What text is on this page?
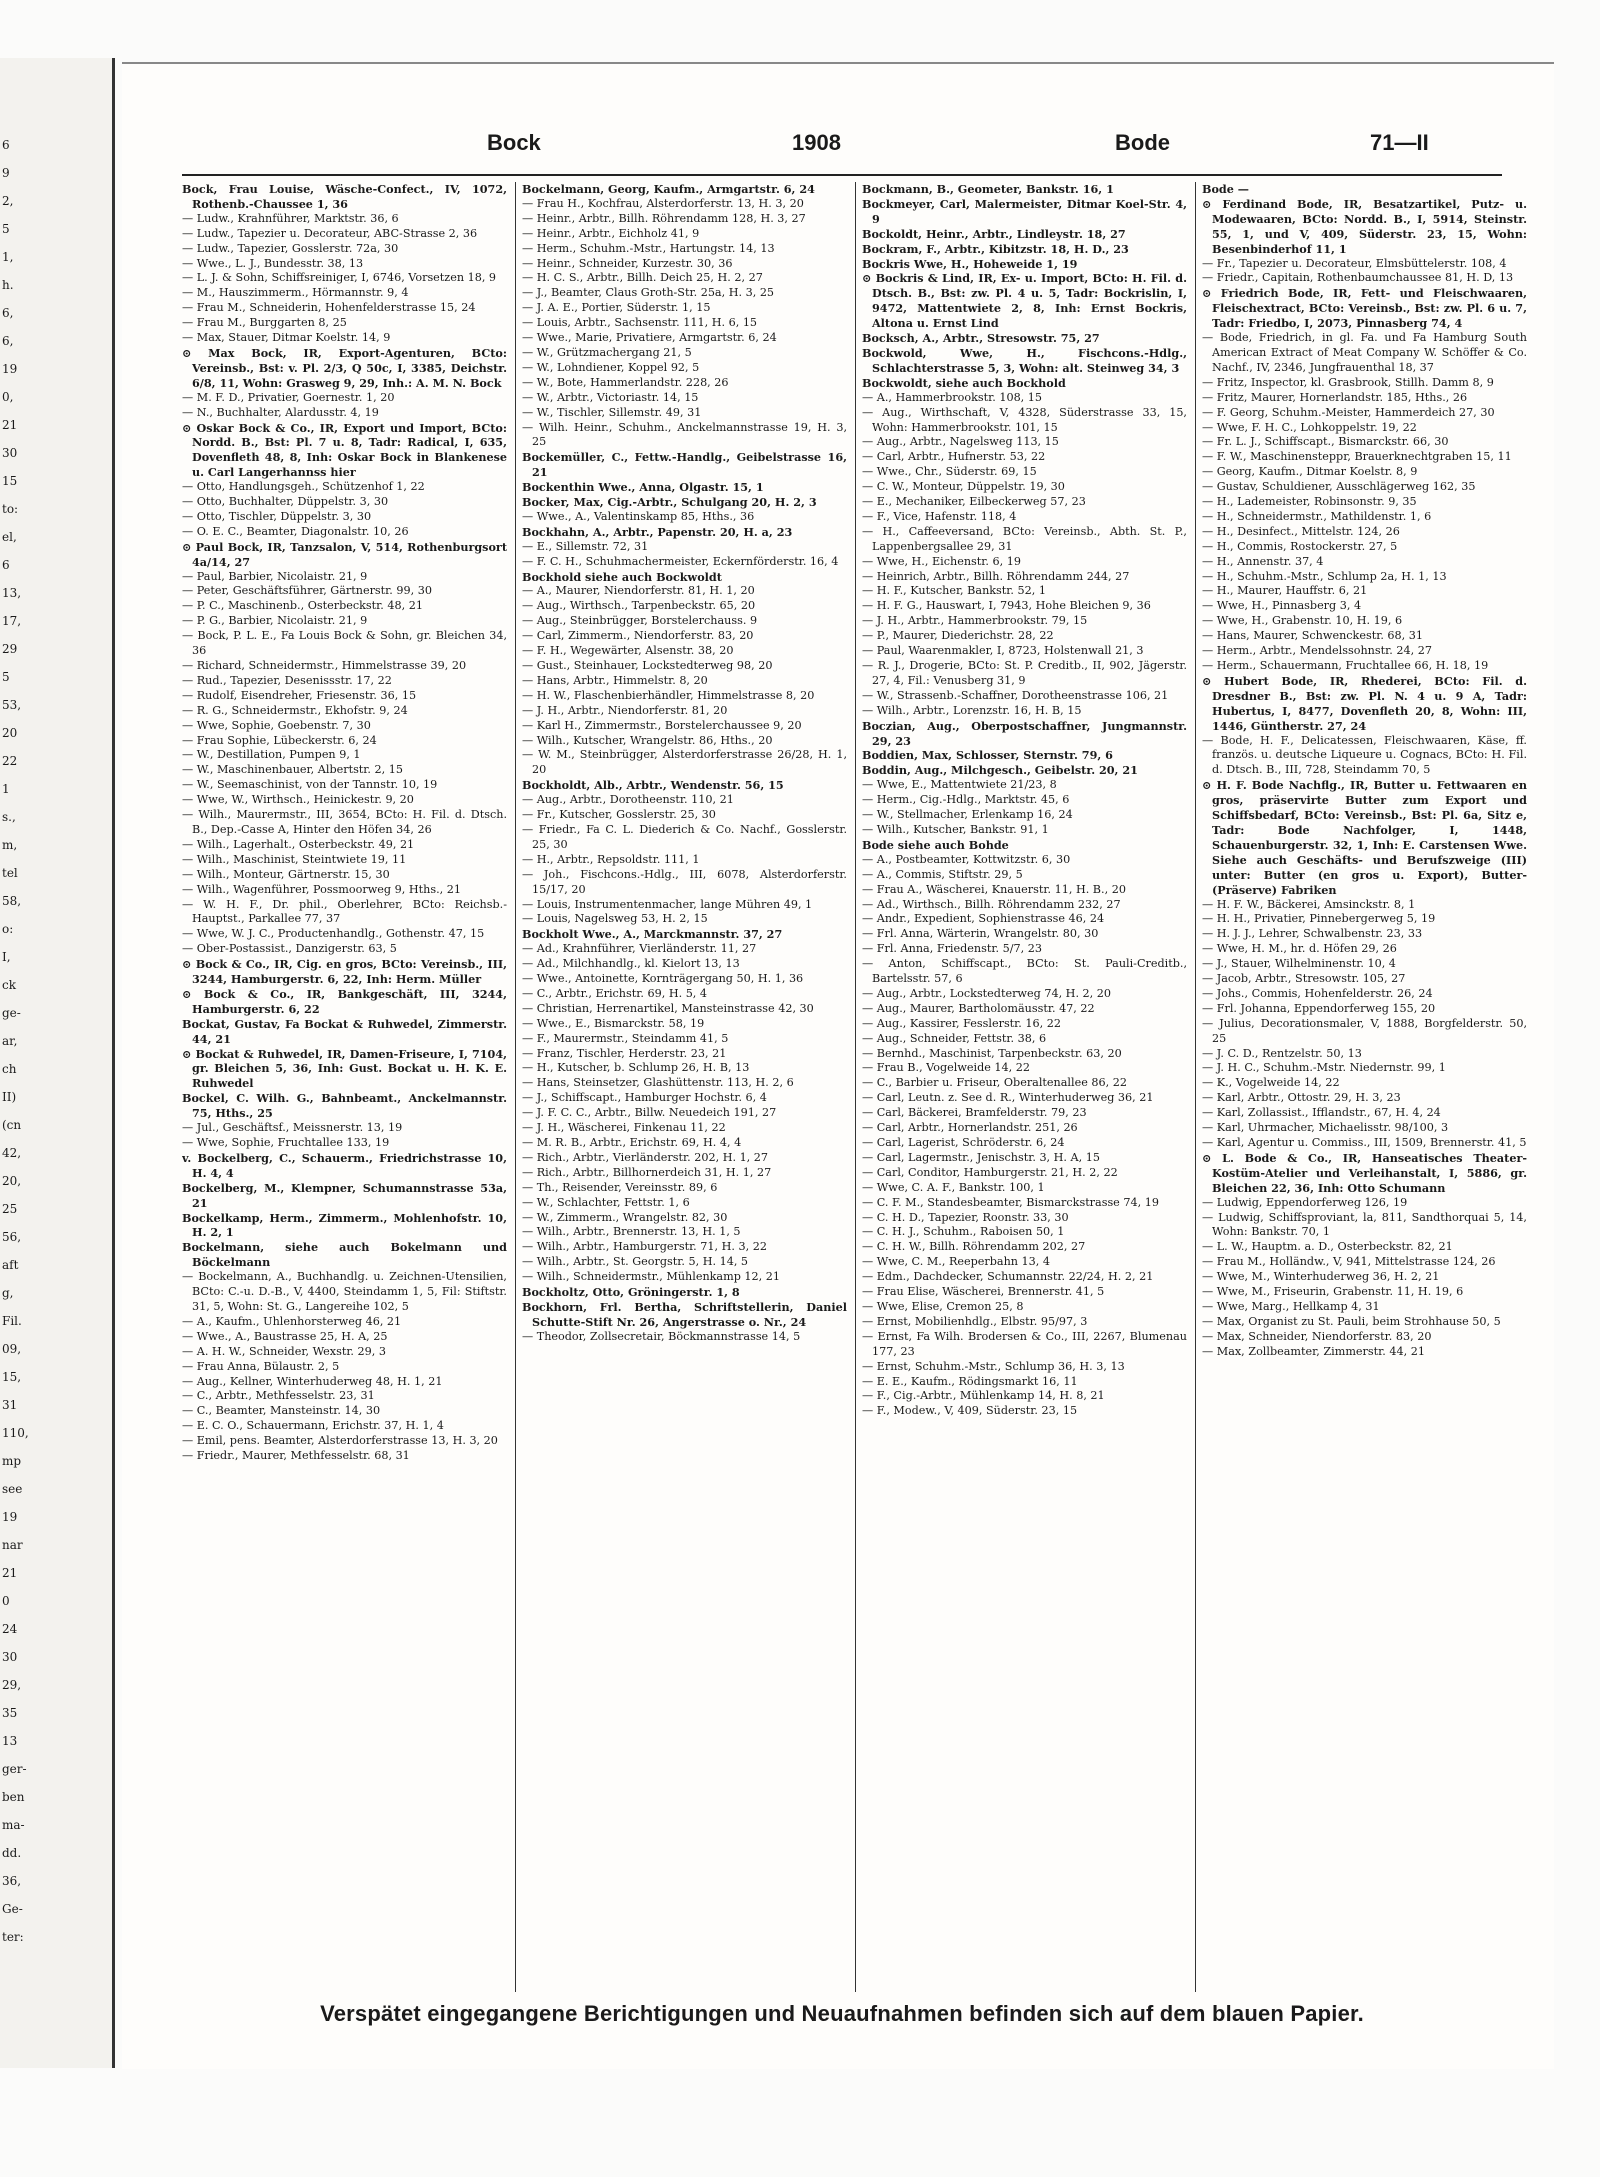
6
9
2,
5
1,
h.
6,
6,
19
0,
21
30
15
to:
el,
6
13,
17,
29
5
53,
20
22
1
s.,
m,
tel
58,
o:
I,
ck
ge-
ar,
ch
II)
(cn
42,
20,
25
56,
aft
g,
Fil.
09,
15,
31
110,
mp
see
19
nar
21
0
24
30
29,
35
13
ger-
ben
ma-
dd.
36,
Ge-
ter:
Bock	1908	Bode	71—II

Bock, Frau Louise, Wäsche-Confect., IV, 1072, Rothenb.-Chaussee 1, 36

— Ludw., Krahnführer, Marktstr. 36, 6

— Ludw., Tapezier u. Decorateur, ABC-Strasse 2, 36

— Ludw., Tapezier, Gosslerstr. 72a, 30

— Wwe., L. J., Bundesstr. 38, 13

— L. J. & Sohn, Schiffsreiniger, I, 6746, Vorsetzen 18, 9

— M., Hauszimmerm., Hörmannstr. 9, 4

— Frau M., Schneiderin, Hohenfelderstrasse 15, 24

— Frau M., Burggarten 8, 25

— Max, Stauer, Ditmar Koelstr. 14, 9

⊙ Max Bock, IR, Export-Agenturen, BCto: Vereinsb., Bst: v. Pl. 2/3, Q 50c, I, 3385, Deichstr. 6/8, 11, Wohn: Grasweg 9, 29, Inh.: A. M. N. Bock

— M. F. D., Privatier, Goernestr. 1, 20

— N., Buchhalter, Alardusstr. 4, 19

⊙ Oskar Bock & Co., IR, Export und Import, BCto: Nordd. B., Bst: Pl. 7 u. 8, Tadr: Radical, I, 635, Dovenfleth 48, 8, Inh: Oskar Bock in Blankenese u. Carl Langerhannss hier

— Otto, Handlungsgeh., Schützenhof 1, 22

— Otto, Buchhalter, Düppelstr. 3, 30

— Otto, Tischler, Düppelstr. 3, 30

— O. E. C., Beamter, Diagonalstr. 10, 26

⊙ Paul Bock, IR, Tanzsalon, V, 514, Rothenburgsort 4a/14, 27

— Paul, Barbier, Nicolaistr. 21, 9

— Peter, Geschäftsführer, Gärtnerstr. 99, 30

— P. C., Maschinenb., Osterbeckstr. 48, 21

— P. G., Barbier, Nicolaistr. 21, 9

— Bock, P. L. E., Fa Louis Bock & Sohn, gr. Bleichen 34, 36

— Richard, Schneidermstr., Himmelstrasse 39, 20

— Rud., Tapezier, Desenissstr. 17, 22

— Rudolf, Eisendreher, Friesenstr. 36, 15

— R. G., Schneidermstr., Ekhofstr. 9, 24

— Wwe, Sophie, Goebenstr. 7, 30

— Frau Sophie, Lübeckerstr. 6, 24

— W., Destillation, Pumpen 9, 1

— W., Maschinenbauer, Albertstr. 2, 15

— W., Seemaschinist, von der Tannstr. 10, 19

— Wwe, W., Wirthsch., Heinickestr. 9, 20

— Wilh., Maurermstr., III, 3654, BCto: H. Fil. d. Dtsch. B., Dep.-Casse A, Hinter den Höfen 34, 26

— Wilh., Lagerhalt., Osterbeckstr. 49, 21

— Wilh., Maschinist, Steintwiete 19, 11

— Wilh., Monteur, Gärtnerstr. 15, 30

— Wilh., Wagenführer, Possmoorweg 9, Hths., 21

— W. H. F., Dr. phil., Oberlehrer, BCto: Reichsb.-Hauptst., Parkallee 77, 37

— Wwe, W. J. C., Productenhandlg., Gothenstr. 47, 15

— Ober-Postassist., Danzigerstr. 63, 5

⊙ Bock & Co., IR, Cig. en gros, BCto: Vereinsb., III, 3244, Hamburgerstr. 6, 22, Inh: Herm. Müller

⊙ Bock & Co., IR, Bankgeschäft, III, 3244, Hamburgerstr. 6, 22

Bockat, Gustav, Fa Bockat & Ruhwedel, Zimmerstr. 44, 21

⊙ Bockat & Ruhwedel, IR, Damen-Friseure, I, 7104, gr. Bleichen 5, 36, Inh: Gust. Bockat u. H. K. E. Ruhwedel

Bockel, C. Wilh. G., Bahnbeamt., Anckelmannstr. 75, Hths., 25

— Jul., Geschäftsf., Meissnerstr. 13, 19

— Wwe, Sophie, Fruchtallee 133, 19

v. Bockelberg, C., Schauerm., Friedrichstrasse 10, H. 4, 4

Bockelberg, M., Klempner, Schumannstrasse 53a, 21

Bockelkamp, Herm., Zimmerm., Mohlenhofstr. 10, H. 2, 1

Bockelmann, siehe auch Bokelmann und Böckelmann

— Bockelmann, A., Buchhandlg. u. Zeichnen-Utensilien, BCto: C.-u. D.-B., V, 4400, Steindamm 1, 5, Fil: Stiftstr. 31, 5, Wohn: St. G., Langereihe 102, 5

— A., Kaufm., Uhlenhorsterweg 46, 21

— Wwe., A., Baustrasse 25, H. A, 25

— A. H. W., Schneider, Wexstr. 29, 3

— Frau Anna, Bülaustr. 2, 5

— Aug., Kellner, Winterhuderweg 48, H. 1, 21

— C., Arbtr., Methfesselstr. 23, 31

— C., Beamter, Mansteinstr. 14, 30

— E. C. O., Schauermann, Erichstr. 37, H. 1, 4

— Emil, pens. Beamter, Alsterdorferstrasse 13, H. 3, 20

— Friedr., Maurer, Methfesselstr. 68, 31

Bockelmann, Georg, Kaufm., Armgartstr. 6, 24

— Frau H., Kochfrau, Alsterdorferstr. 13, H. 3, 20

— Heinr., Arbtr., Billh. Röhrendamm 128, H. 3, 27

— Heinr., Arbtr., Eichholz 41, 9

— Herm., Schuhm.-Mstr., Hartungstr. 14, 13

— Heinr., Schneider, Kurzestr. 30, 36

— H. C. S., Arbtr., Billh. Deich 25, H. 2, 27

— J., Beamter, Claus Groth-Str. 25a, H. 3, 25

— J. A. E., Portier, Süderstr. 1, 15

— Louis, Arbtr., Sachsenstr. 111, H. 6, 15

— Wwe., Marie, Privatiere, Armgartstr. 6, 24

— W., Grützmachergang 21, 5

— W., Lohndiener, Koppel 92, 5

— W., Bote, Hammerlandstr. 228, 26

— W., Arbtr., Victoriastr. 14, 15

— W., Tischler, Sillemstr. 49, 31

— Wilh. Heinr., Schuhm., Anckelmannstrasse 19, H. 3, 25

Bockemüller, C., Fettw.-Handlg., Geibelstrasse 16, 21

Bockenthin Wwe., Anna, Olgastr. 15, 1

Bocker, Max, Cig.-Arbtr., Schulgang 20, H. 2, 3

— Wwe., A., Valentinskamp 85, Hths., 36

Bockhahn, A., Arbtr., Papenstr. 20, H. a, 23

— E., Sillemstr. 72, 31

— F. C. H., Schuhmachermeister, Eckernförderstr. 16, 4

Bockhold siehe auch Bockwoldt

— A., Maurer, Niendorferstr. 81, H. 1, 20

— Aug., Wirthsch., Tarpenbeckstr. 65, 20

— Aug., Steinbrügger, Borstelerchauss. 9

— Carl, Zimmerm., Niendorferstr. 83, 20

— F. H., Wegewärter, Alsenstr. 38, 20

— Gust., Steinhauer, Lockstedterweg 98, 20

— Hans, Arbtr., Himmelstr. 8, 20

— H. W., Flaschenbierhändler, Himmelstrasse 8, 20

— J. H., Arbtr., Niendorferstr. 81, 20

— Karl H., Zimmermstr., Borstelerchaussee 9, 20

— Wilh., Kutscher, Wrangelstr. 86, Hths., 20

— W. M., Steinbrügger, Alsterdorferstrasse 26/28, H. 1, 20

Bockholdt, Alb., Arbtr., Wendenstr. 56, 15

— Aug., Arbtr., Dorotheenstr. 110, 21

— Fr., Kutscher, Gosslerstr. 25, 30

— Friedr., Fa C. L. Diederich & Co. Nachf., Gosslerstr. 25, 30

— H., Arbtr., Repsoldstr. 111, 1

— Joh., Fischcons.-Hdlg., III, 6078, Alsterdorferstr. 15/17, 20

— Louis, Instrumentenmacher, lange Mühren 49, 1

— Louis, Nagelsweg 53, H. 2, 15

Bockholt Wwe., A., Marckmannstr. 37, 27

— Ad., Krahnführer, Vierländerstr. 11, 27

— Ad., Milchhandlg., kl. Kielort 13, 13

— Wwe., Antoinette, Kornträgergang 50, H. 1, 36

— C., Arbtr., Erichstr. 69, H. 5, 4

— Christian, Herrenartikel, Mansteinstrasse 42, 30

— Wwe., E., Bismarckstr. 58, 19

— F., Maurermstr., Steindamm 41, 5

— Franz, Tischler, Herderstr. 23, 21

— H., Kutscher, b. Schlump 26, H. B, 13

— Hans, Steinsetzer, Glashüttenstr. 113, H. 2, 6

— J., Schiffscapt., Hamburger Hochstr. 6, 4

— J. F. C. C., Arbtr., Billw. Neuedeich 191, 27

— J. H., Wäscherei, Finkenau 11, 22

— M. R. B., Arbtr., Erichstr. 69, H. 4, 4

— Rich., Arbtr., Vierländerstr. 202, H. 1, 27

— Rich., Arbtr., Billhornerdeich 31, H. 1, 27

— Th., Reisender, Vereinsstr. 89, 6

— W., Schlachter, Fettstr. 1, 6

— W., Zimmerm., Wrangelstr. 82, 30

— Wilh., Arbtr., Brennerstr. 13, H. 1, 5

— Wilh., Arbtr., Hamburgerstr. 71, H. 3, 22

— Wilh., Arbtr., St. Georgstr. 5, H. 14, 5

— Wilh., Schneidermstr., Mühlenkamp 12, 21

Bockholtz, Otto, Gröningerstr. 1, 8

Bockhorn, Frl. Bertha, Schriftstellerin, Daniel Schutte-Stift Nr. 26, Angerstrasse o. Nr., 24

— Theodor, Zollsecretair, Böckmannstrasse 14, 5

Bockmann, B., Geometer, Bankstr. 16, 1

Bockmeyer, Carl, Malermeister, Ditmar Koel-Str. 4, 9

Bockoldt, Heinr., Arbtr., Lindleystr. 18, 27

Bockram, F., Arbtr., Kibitzstr. 18, H. D., 23

Bockris Wwe, H., Hoheweide 1, 19

⊙ Bockris & Lind, IR, Ex- u. Import, BCto: H. Fil. d. Dtsch. B., Bst: zw. Pl. 4 u. 5, Tadr: Bockrislin, I, 9472, Mattentwiete 2, 8, Inh: Ernst Bockris, Altona u. Ernst Lind

Bocksch, A., Arbtr., Stresowstr. 75, 27

Bockwold, Wwe, H., Fischcons.-Hdlg., Schlachterstrasse 5, 3, Wohn: alt. Steinweg 34, 3

Bockwoldt, siehe auch Bockhold

— A., Hammerbrookstr. 108, 15

— Aug., Wirthschaft, V, 4328, Süderstrasse 33, 15, Wohn: Hammerbrookstr. 101, 15

— Aug., Arbtr., Nagelsweg 113, 15

— Carl, Arbtr., Hufnerstr. 53, 22

— Wwe., Chr., Süderstr. 69, 15

— C. W., Monteur, Düppelstr. 19, 30

— E., Mechaniker, Eilbeckerweg 57, 23

— F., Vice, Hafenstr. 118, 4

— H., Caffeeversand, BCto: Vereinsb., Abth. St. P., Lappenbergsallee 29, 31

— Wwe, H., Eichenstr. 6, 19

— Heinrich, Arbtr., Billh. Röhrendamm 244, 27

— H. F., Kutscher, Bankstr. 52, 1

— H. F. G., Hauswart, I, 7943, Hohe Bleichen 9, 36

— J. H., Arbtr., Hammerbrookstr. 79, 15

— P., Maurer, Diederichstr. 28, 22

— Paul, Waarenmakler, I, 8723, Holstenwall 21, 3

— R. J., Drogerie, BCto: St. P. Creditb., II, 902, Jägerstr. 27, 4, Fil.: Venusberg 31, 9

— W., Strassenb.-Schaffner, Dorotheenstrasse 106, 21

— Wilh., Arbtr., Lorenzstr. 16, H. B, 15

Boczian, Aug., Oberpostschaffner, Jungmannstr. 29, 23

Boddien, Max, Schlosser, Sternstr. 79, 6

Boddin, Aug., Milchgesch., Geibelstr. 20, 21

— Wwe, E., Mattentwiete 21/23, 8

— Herm., Cig.-Hdlg., Marktstr. 45, 6

— W., Stellmacher, Erlenkamp 16, 24

— Wilh., Kutscher, Bankstr. 91, 1

Bode siehe auch Bohde

— A., Postbeamter, Kottwitzstr. 6, 30

— A., Commis, Stiftstr. 29, 5

— Frau A., Wäscherei, Knauerstr. 11, H. B., 20

— Ad., Wirthsch., Billh. Röhrendamm 232, 27

— Andr., Expedient, Sophienstrasse 46, 24

— Frl. Anna, Wärterin, Wrangelstr. 80, 30

— Frl. Anna, Friedenstr. 5/7, 23

— Anton, Schiffscapt., BCto: St. Pauli-Creditb., Bartelsstr. 57, 6

— Aug., Arbtr., Lockstedterweg 74, H. 2, 20

— Aug., Maurer, Bartholomäusstr. 47, 22

— Aug., Kassirer, Fesslerstr. 16, 22

— Aug., Schneider, Fettstr. 38, 6

— Bernhd., Maschinist, Tarpenbeckstr. 63, 20

— Frau B., Vogelweide 14, 22

— C., Barbier u. Friseur, Oberaltenallee 86, 22

— Carl, Leutn. z. See d. R., Winterhuderweg 36, 21

— Carl, Bäckerei, Bramfelderstr. 79, 23

— Carl, Arbtr., Hornerlandstr. 251, 26

— Carl, Lagerist, Schröderstr. 6, 24

— Carl, Lagermstr., Jenischstr. 3, H. A, 15

— Carl, Conditor, Hamburgerstr. 21, H. 2, 22

— Wwe, C. A. F., Bankstr. 100, 1

— C. F. M., Standesbeamter, Bismarckstrasse 74, 19

— C. H. D., Tapezier, Roonstr. 33, 30

— C. H. J., Schuhm., Raboisen 50, 1

— C. H. W., Billh. Röhrendamm 202, 27

— Wwe, C. M., Reeperbahn 13, 4

— Edm., Dachdecker, Schumannstr. 22/24, H. 2, 21

— Frau Elise, Wäscherei, Brennerstr. 41, 5

— Wwe, Elise, Cremon 25, 8

— Ernst, Mobilienhdlg., Elbstr. 95/97, 3

— Ernst, Fa Wilh. Brodersen & Co., III, 2267, Blumenau 177, 23

— Ernst, Schuhm.-Mstr., Schlump 36, H. 3, 13

— E. E., Kaufm., Rödingsmarkt 16, 11

— F., Cig.-Arbtr., Mühlenkamp 14, H. 8, 21

— F., Modew., V, 409, Süderstr. 23, 15

Bode —

⊙ Ferdinand Bode, IR, Besatzartikel, Putz- u. Modewaaren, BCto: Nordd. B., I, 5914, Steinstr. 55, 1, und V, 409, Süderstr. 23, 15, Wohn: Besenbinderhof 11, 1

— Fr., Tapezier u. Decorateur, Elmsbüttelerstr. 108, 4

— Friedr., Capitain, Rothenbaumchaussee 81, H. D, 13

⊙ Friedrich Bode, IR, Fett- und Fleischwaaren, Fleischextract, BCto: Vereinsb., Bst: zw. Pl. 6 u. 7, Tadr: Friedbo, I, 2073, Pinnasberg 74, 4

— Bode, Friedrich, in gl. Fa. und Fa Hamburg South American Extract of Meat Company W. Schöffer & Co. Nachf., IV, 2346, Jungfrauenthal 18, 37

— Fritz, Inspector, kl. Grasbrook, Stillh. Damm 8, 9

— Fritz, Maurer, Hornerlandstr. 185, Hths., 26

— F. Georg, Schuhm.-Meister, Hammerdeich 27, 30

— Wwe, F. H. C., Lohkoppelstr. 19, 22

— Fr. L. J., Schiffscapt., Bismarckstr. 66, 30

— F. W., Maschinensteppr, Brauerknechtgraben 15, 11

— Georg, Kaufm., Ditmar Koelstr. 8, 9

— Gustav, Schuldiener, Ausschlägerweg 162, 35

— H., Lademeister, Robinsonstr. 9, 35

— H., Schneidermstr., Mathildenstr. 1, 6

— H., Desinfect., Mittelstr. 124, 26

— H., Commis, Rostockerstr. 27, 5

— H., Annenstr. 37, 4

— H., Schuhm.-Mstr., Schlump 2a, H. 1, 13

— H., Maurer, Hauffstr. 6, 21

— Wwe, H., Pinnasberg 3, 4

— Wwe, H., Grabenstr. 10, H. 19, 6

— Hans, Maurer, Schwenckestr. 68, 31

— Herm., Arbtr., Mendelssohnstr. 24, 27

— Herm., Schauermann, Fruchtallee 66, H. 18, 19

⊙ Hubert Bode, IR, Rhederei, BCto: Fil. d. Dresdner B., Bst: zw. Pl. N. 4 u. 9 A, Tadr: Hubertus, I, 8477, Dovenfleth 20, 8, Wohn: III, 1446, Güntherstr. 27, 24

— Bode, H. F., Delicatessen, Fleischwaaren, Käse, ff. französ. u. deutsche Liqueure u. Cognacs, BCto: H. Fil. d. Dtsch. B., III, 728, Steindamm 70, 5

⊙ H. F. Bode Nachflg., IR, Butter u. Fettwaaren en gros, präservirte Butter zum Export und Schiffsbedarf, BCto: Vereinsb., Bst: Pl. 6a, Sitz e, Tadr: Bode Nachfolger, I, 1448, Schauenburgerstr. 32, 1, Inh: E. Carstensen Wwe. Siehe auch Geschäfts- und Berufszweige (III) unter: Butter (en gros u. Export), Butter- (Präserve) Fabriken

— H. F. W., Bäckerei, Amsinckstr. 8, 1

— H. H., Privatier, Pinnebergerweg 5, 19

— H. J. J., Lehrer, Schwalbenstr. 23, 33

— Wwe, H. M., hr. d. Höfen 29, 26

— J., Stauer, Wilhelminenstr. 10, 4

— Jacob, Arbtr., Stresowstr. 105, 27

— Johs., Commis, Hohenfelderstr. 26, 24

— Frl. Johanna, Eppendorferweg 155, 20

— Julius, Decorationsmaler, V, 1888, Borgfelderstr. 50, 25

— J. C. D., Rentzelstr. 50, 13

— J. H. C., Schuhm.-Mstr. Niedernstr. 99, 1

— K., Vogelweide 14, 22

— Karl, Arbtr., Ottostr. 29, H. 3, 23

— Karl, Zollassist., Ifflandstr., 67, H. 4, 24

— Karl, Uhrmacher, Michaelisstr. 98/100, 3

— Karl, Agentur u. Commiss., III, 1509, Brennerstr. 41, 5

⊙ L. Bode & Co., IR, Hanseatisches Theater-Kostüm-Atelier und Verleihanstalt, I, 5886, gr. Bleichen 22, 36, Inh: Otto Schumann

— Ludwig, Eppendorferweg 126, 19

— Ludwig, Schiffsproviant, la, 811, Sandthorquai 5, 14, Wohn: Bankstr. 70, 1

— L. W., Hauptm. a. D., Osterbeckstr. 82, 21

— Frau M., Holländw., V, 941, Mittelstrasse 124, 26

— Wwe, M., Winterhuderweg 36, H. 2, 21

— Wwe, M., Friseurin, Grabenstr. 11, H. 19, 6

— Wwe, Marg., Hellkamp 4, 31

— Max, Organist zu St. Pauli, beim Strohhause 50, 5

— Max, Schneider, Niendorferstr. 83, 20

— Max, Zollbeamter, Zimmerstr. 44, 21

Verspätet eingegangene Berichtigungen und Neuaufnahmen befinden sich auf dem blauen Papier.
